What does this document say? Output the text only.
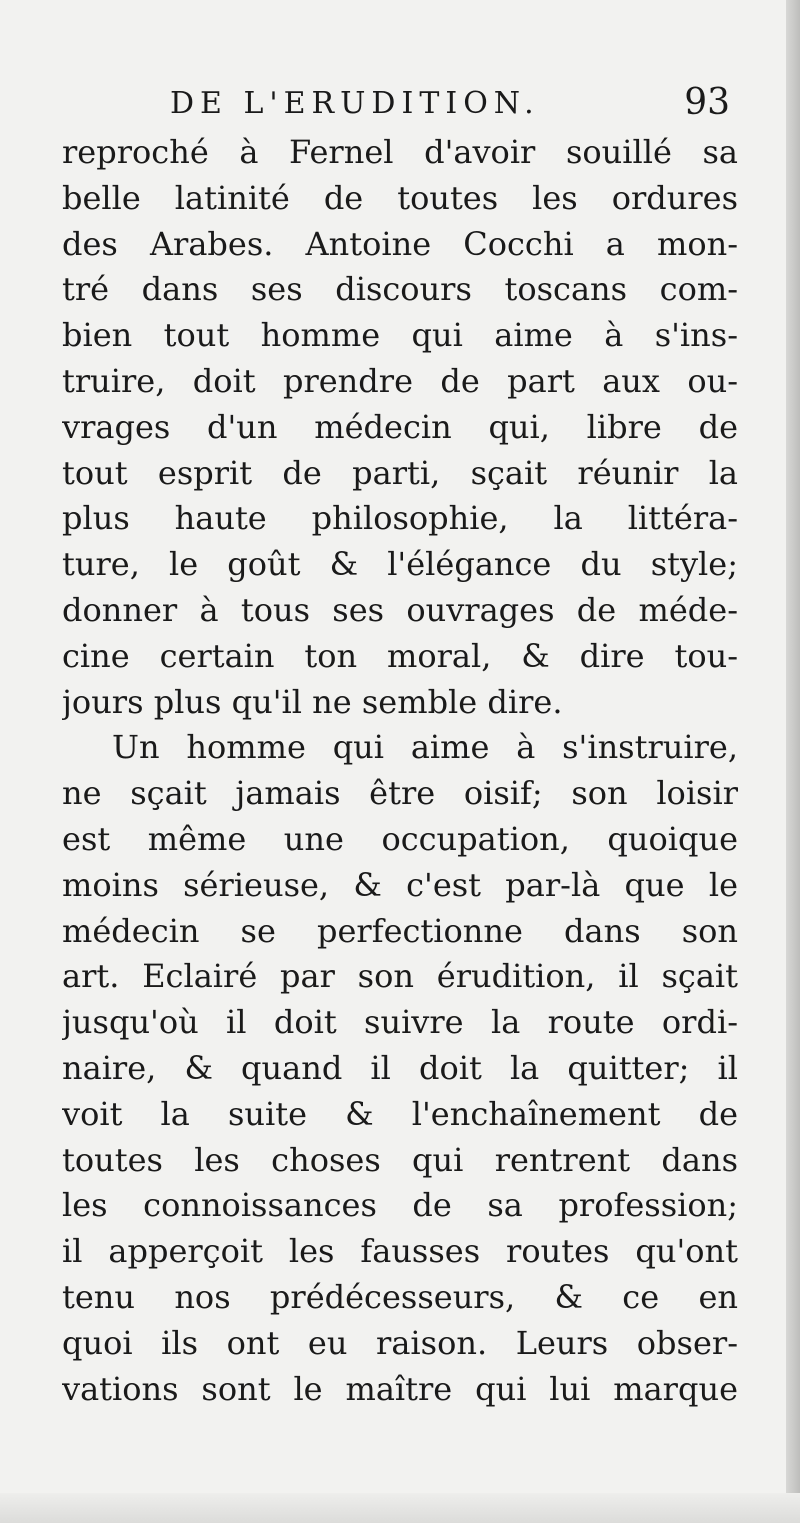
DE L'ERUDITION.	93
reproché à Fernel d'avoir souillé sa
belle latinité de toutes les ordures
des Arabes. Antoine Cocchi a mon-
tré dans ses discours toscans com-
bien tout homme qui aime à s'ins-
truire, doit prendre de part aux ou-
vrages d'un médecin qui, libre de
tout esprit de parti, sçait réunir la
plus haute philosophie, la littéra-
ture, le goût & l'élégance du style;
donner à tous ses ouvrages de méde-
cine certain ton moral, & dire tou-
jours plus qu'il ne semble dire.
Un homme qui aime à s'instruire,
ne sçait jamais être oisif; son loisir
est même une occupation, quoique
moins sérieuse, & c'est par-là que le
médecin se perfectionne dans son
art. Eclairé par son érudition, il sçait
jusqu'où il doit suivre la route ordi-
naire, & quand il doit la quitter; il
voit la suite & l'enchaînement de
toutes les choses qui rentrent dans
les connoissances de sa profession;
il apperçoit les fausses routes qu'ont
tenu nos prédécesseurs, & ce en
quoi ils ont eu raison. Leurs obser-
vations sont le maître qui lui marque
